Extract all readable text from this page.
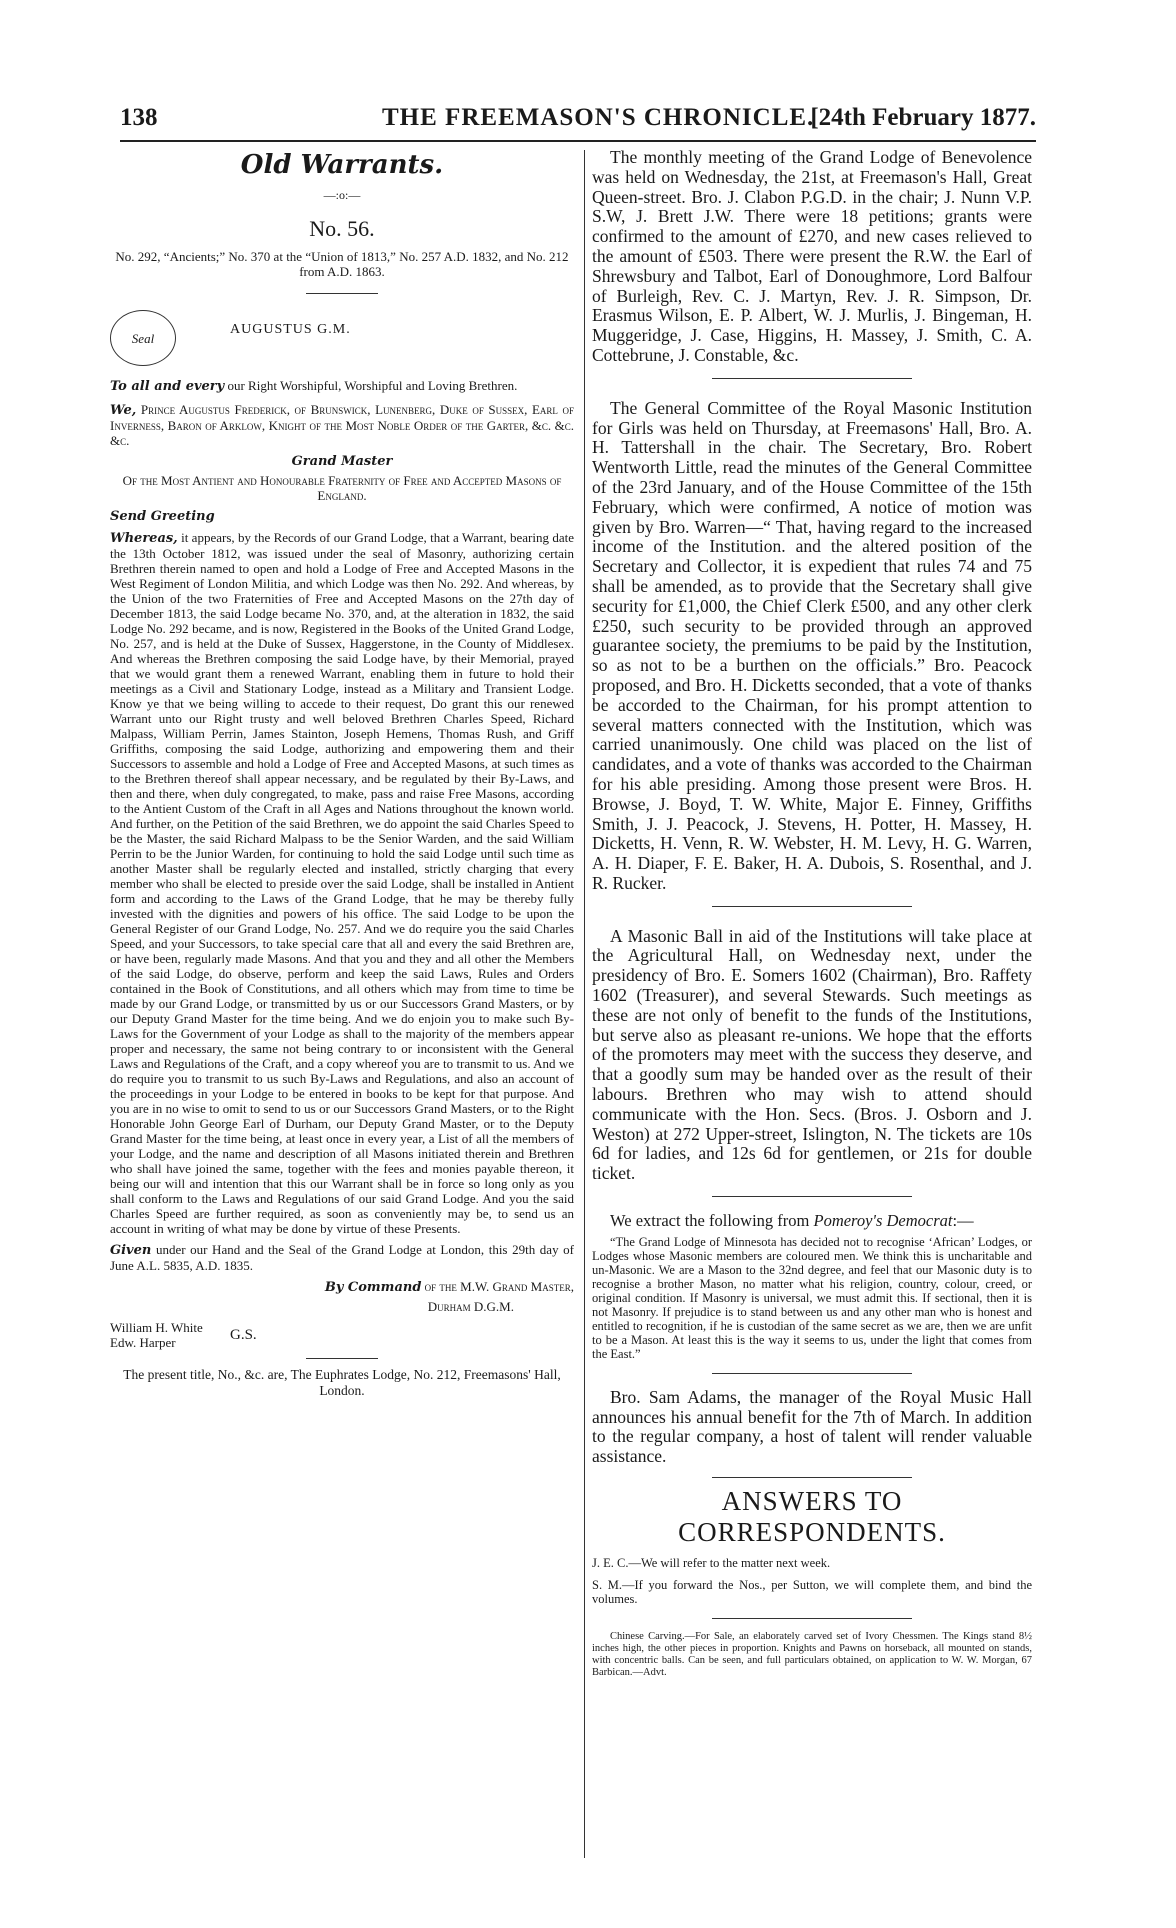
138	THE FREEMASON'S CHRONICLE.
[24th February 1877.
Old Warrants.
—:o:—
No. 56.

No. 292, “Ancients;” No. 370 at the “Union of 1813,” No. 257 A.D. 1832, and No. 212 from A.D. 1863.

Seal
AUGUSTUS G.M.

To all and every our Right Worshipful, Worshipful and Loving Brethren.

We, Prince Augustus Frederick, of Brunswick, Lunenberg, Duke of Sussex, Earl of Inverness, Baron of Arklow, Knight of the Most Noble Order of the Garter, &c. &c. &c.

Grand Master

Of the Most Antient and Honourable Fraternity of Free and Accepted Masons of England.

Send Greeting

Whereas, it appears, by the Records of our Grand Lodge, that a Warrant, bearing date the 13th October 1812, was issued under the seal of Masonry, authorizing certain Brethren therein named to open and hold a Lodge of Free and Accepted Masons in the West Regiment of London Militia, and which Lodge was then No. 292. And whereas, by the Union of the two Fraternities of Free and Accepted Masons on the 27th day of December 1813, the said Lodge became No. 370, and, at the alteration in 1832, the said Lodge No. 292 became, and is now, Registered in the Books of the United Grand Lodge, No. 257, and is held at the Duke of Sussex, Haggerstone, in the County of Middlesex. And whereas the Brethren composing the said Lodge have, by their Memorial, prayed that we would grant them a renewed Warrant, enabling them in future to hold their meetings as a Civil and Stationary Lodge, instead as a Military and Transient Lodge. Know ye that we being willing to accede to their request, Do grant this our renewed Warrant unto our Right trusty and well beloved Brethren Charles Speed, Richard Malpass, William Perrin, James Stainton, Joseph Hemens, Thomas Rush, and Griff Griffiths, composing the said Lodge, authorizing and empowering them and their Successors to assemble and hold a Lodge of Free and Accepted Masons, at such times as to the Brethren thereof shall appear necessary, and be regulated by their By-Laws, and then and there, when duly congregated, to make, pass and raise Free Masons, according to the Antient Custom of the Craft in all Ages and Nations throughout the known world. And further, on the Petition of the said Brethren, we do appoint the said Charles Speed to be the Master, the said Richard Malpass to be the Senior Warden, and the said William Perrin to be the Junior Warden, for continuing to hold the said Lodge until such time as another Master shall be regularly elected and installed, strictly charging that every member who shall be elected to preside over the said Lodge, shall be installed in Antient form and according to the Laws of the Grand Lodge, that he may be thereby fully invested with the dignities and powers of his office. The said Lodge to be upon the General Register of our Grand Lodge, No. 257. And we do require you the said Charles Speed, and your Successors, to take special care that all and every the said Brethren are, or have been, regularly made Masons. And that you and they and all other the Members of the said Lodge, do observe, perform and keep the said Laws, Rules and Orders contained in the Book of Constitutions, and all others which may from time to time be made by our Grand Lodge, or transmitted by us or our Successors Grand Masters, or by our Deputy Grand Master for the time being. And we do enjoin you to make such By-Laws for the Government of your Lodge as shall to the majority of the members appear proper and necessary, the same not being contrary to or inconsistent with the General Laws and Regulations of the Craft, and a copy whereof you are to transmit to us. And we do require you to transmit to us such By-Laws and Regulations, and also an account of the proceedings in your Lodge to be entered in books to be kept for that purpose. And you are in no wise to omit to send to us or our Successors Grand Masters, or to the Right Honorable John George Earl of Durham, our Deputy Grand Master, or to the Deputy Grand Master for the time being, at least once in every year, a List of all the members of your Lodge, and the name and description of all Masons initiated therein and Brethren who shall have joined the same, together with the fees and monies payable thereon, it being our will and intention that this our Warrant shall be in force so long only as you shall conform to the Laws and Regulations of our said Grand Lodge. And you the said Charles Speed are further required, as soon as conveniently may be, to send us an account in writing of what may be done by virtue of these Presents.

Given under our Hand and the Seal of the Grand Lodge at London, this 29th day of June A.L. 5835, A.D. 1835.

By Command of the M.W. Grand Master,

Durham D.G.M.

William H. White
Edw. Harper	G.S.

The present title, No., &c. are, The Euphrates Lodge, No. 212, Freemasons' Hall, London.

The monthly meeting of the Grand Lodge of Benevolence was held on Wednesday, the 21st, at Freemason's Hall, Great Queen-street. Bro. J. Clabon P.G.D. in the chair; J. Nunn V.P. S.W, J. Brett J.W. There were 18 petitions; grants were confirmed to the amount of £270, and new cases relieved to the amount of £503. There were present the R.W. the Earl of Shrewsbury and Talbot, Earl of Donoughmore, Lord Balfour of Burleigh, Rev. C. J. Martyn, Rev. J. R. Simpson, Dr. Erasmus Wilson, E. P. Albert, W. J. Murlis, J. Bingeman, H. Muggeridge, J. Case, Higgins, H. Massey, J. Smith, C. A. Cottebrune, J. Constable, &c.

The General Committee of the Royal Masonic Institution for Girls was held on Thursday, at Freemasons' Hall, Bro. A. H. Tattershall in the chair. The Secretary, Bro. Robert Wentworth Little, read the minutes of the General Committee of the 23rd January, and of the House Committee of the 15th February, which were confirmed, A notice of motion was given by Bro. Warren—“ That, having regard to the increased income of the Institution. and the altered position of the Secretary and Collector, it is expedient that rules 74 and 75 shall be amended, as to provide that the Secretary shall give security for £1,000, the Chief Clerk £500, and any other clerk £250, such security to be provided through an approved guarantee society, the premiums to be paid by the Institution, so as not to be a burthen on the officials.” Bro. Peacock proposed, and Bro. H. Dicketts seconded, that a vote of thanks be accorded to the Chairman, for his prompt attention to several matters connected with the Institution, which was carried unanimously. One child was placed on the list of candidates, and a vote of thanks was accorded to the Chairman for his able presiding. Among those present were Bros. H. Browse, J. Boyd, T. W. White, Major E. Finney, Griffiths Smith, J. J. Peacock, J. Stevens, H. Potter, H. Massey, H. Dicketts, H. Venn, R. W. Webster, H. M. Levy, H. G. Warren, A. H. Diaper, F. E. Baker, H. A. Dubois, S. Rosenthal, and J. R. Rucker.

A Masonic Ball in aid of the Institutions will take place at the Agricultural Hall, on Wednesday next, under the presidency of Bro. E. Somers 1602 (Chairman), Bro. Raffety 1602 (Treasurer), and several Stewards. Such meetings as these are not only of benefit to the funds of the Institutions, but serve also as pleasant re-unions. We hope that the efforts of the promoters may meet with the success they deserve, and that a goodly sum may be handed over as the result of their labours. Brethren who may wish to attend should communicate with the Hon. Secs. (Bros. J. Osborn and J. Weston) at 272 Upper-street, Islington, N. The tickets are 10s 6d for ladies, and 12s 6d for gentlemen, or 21s for double ticket.

We extract the following from Pomeroy's Democrat:—

“The Grand Lodge of Minnesota has decided not to recognise ‘African’ Lodges, or Lodges whose Masonic members are coloured men. We think this is uncharitable and un-Masonic. We are a Mason to the 32nd degree, and feel that our Masonic duty is to recognise a brother Mason, no matter what his religion, country, colour, creed, or original condition. If Masonry is universal, we must admit this. If sectional, then it is not Masonry. If prejudice is to stand between us and any other man who is honest and entitled to recognition, if he is custodian of the same secret as we are, then we are unfit to be a Mason. At least this is the way it seems to us, under the light that comes from the East.”

Bro. Sam Adams, the manager of the Royal Music Hall announces his annual benefit for the 7th of March. In addition to the regular company, a host of talent will render valuable assistance.

ANSWERS TO CORRESPONDENTS.

J. E. C.—We will refer to the matter next week.

S. M.—If you forward the Nos., per Sutton, we will complete them, and bind the volumes.

Chinese Carving.—For Sale, an elaborately carved set of Ivory Chessmen. The Kings stand 8½ inches high, the other pieces in proportion. Knights and Pawns on horseback, all mounted on stands, with concentric balls. Can be seen, and full particulars obtained, on application to W. W. Morgan, 67 Barbican.—Advt.
